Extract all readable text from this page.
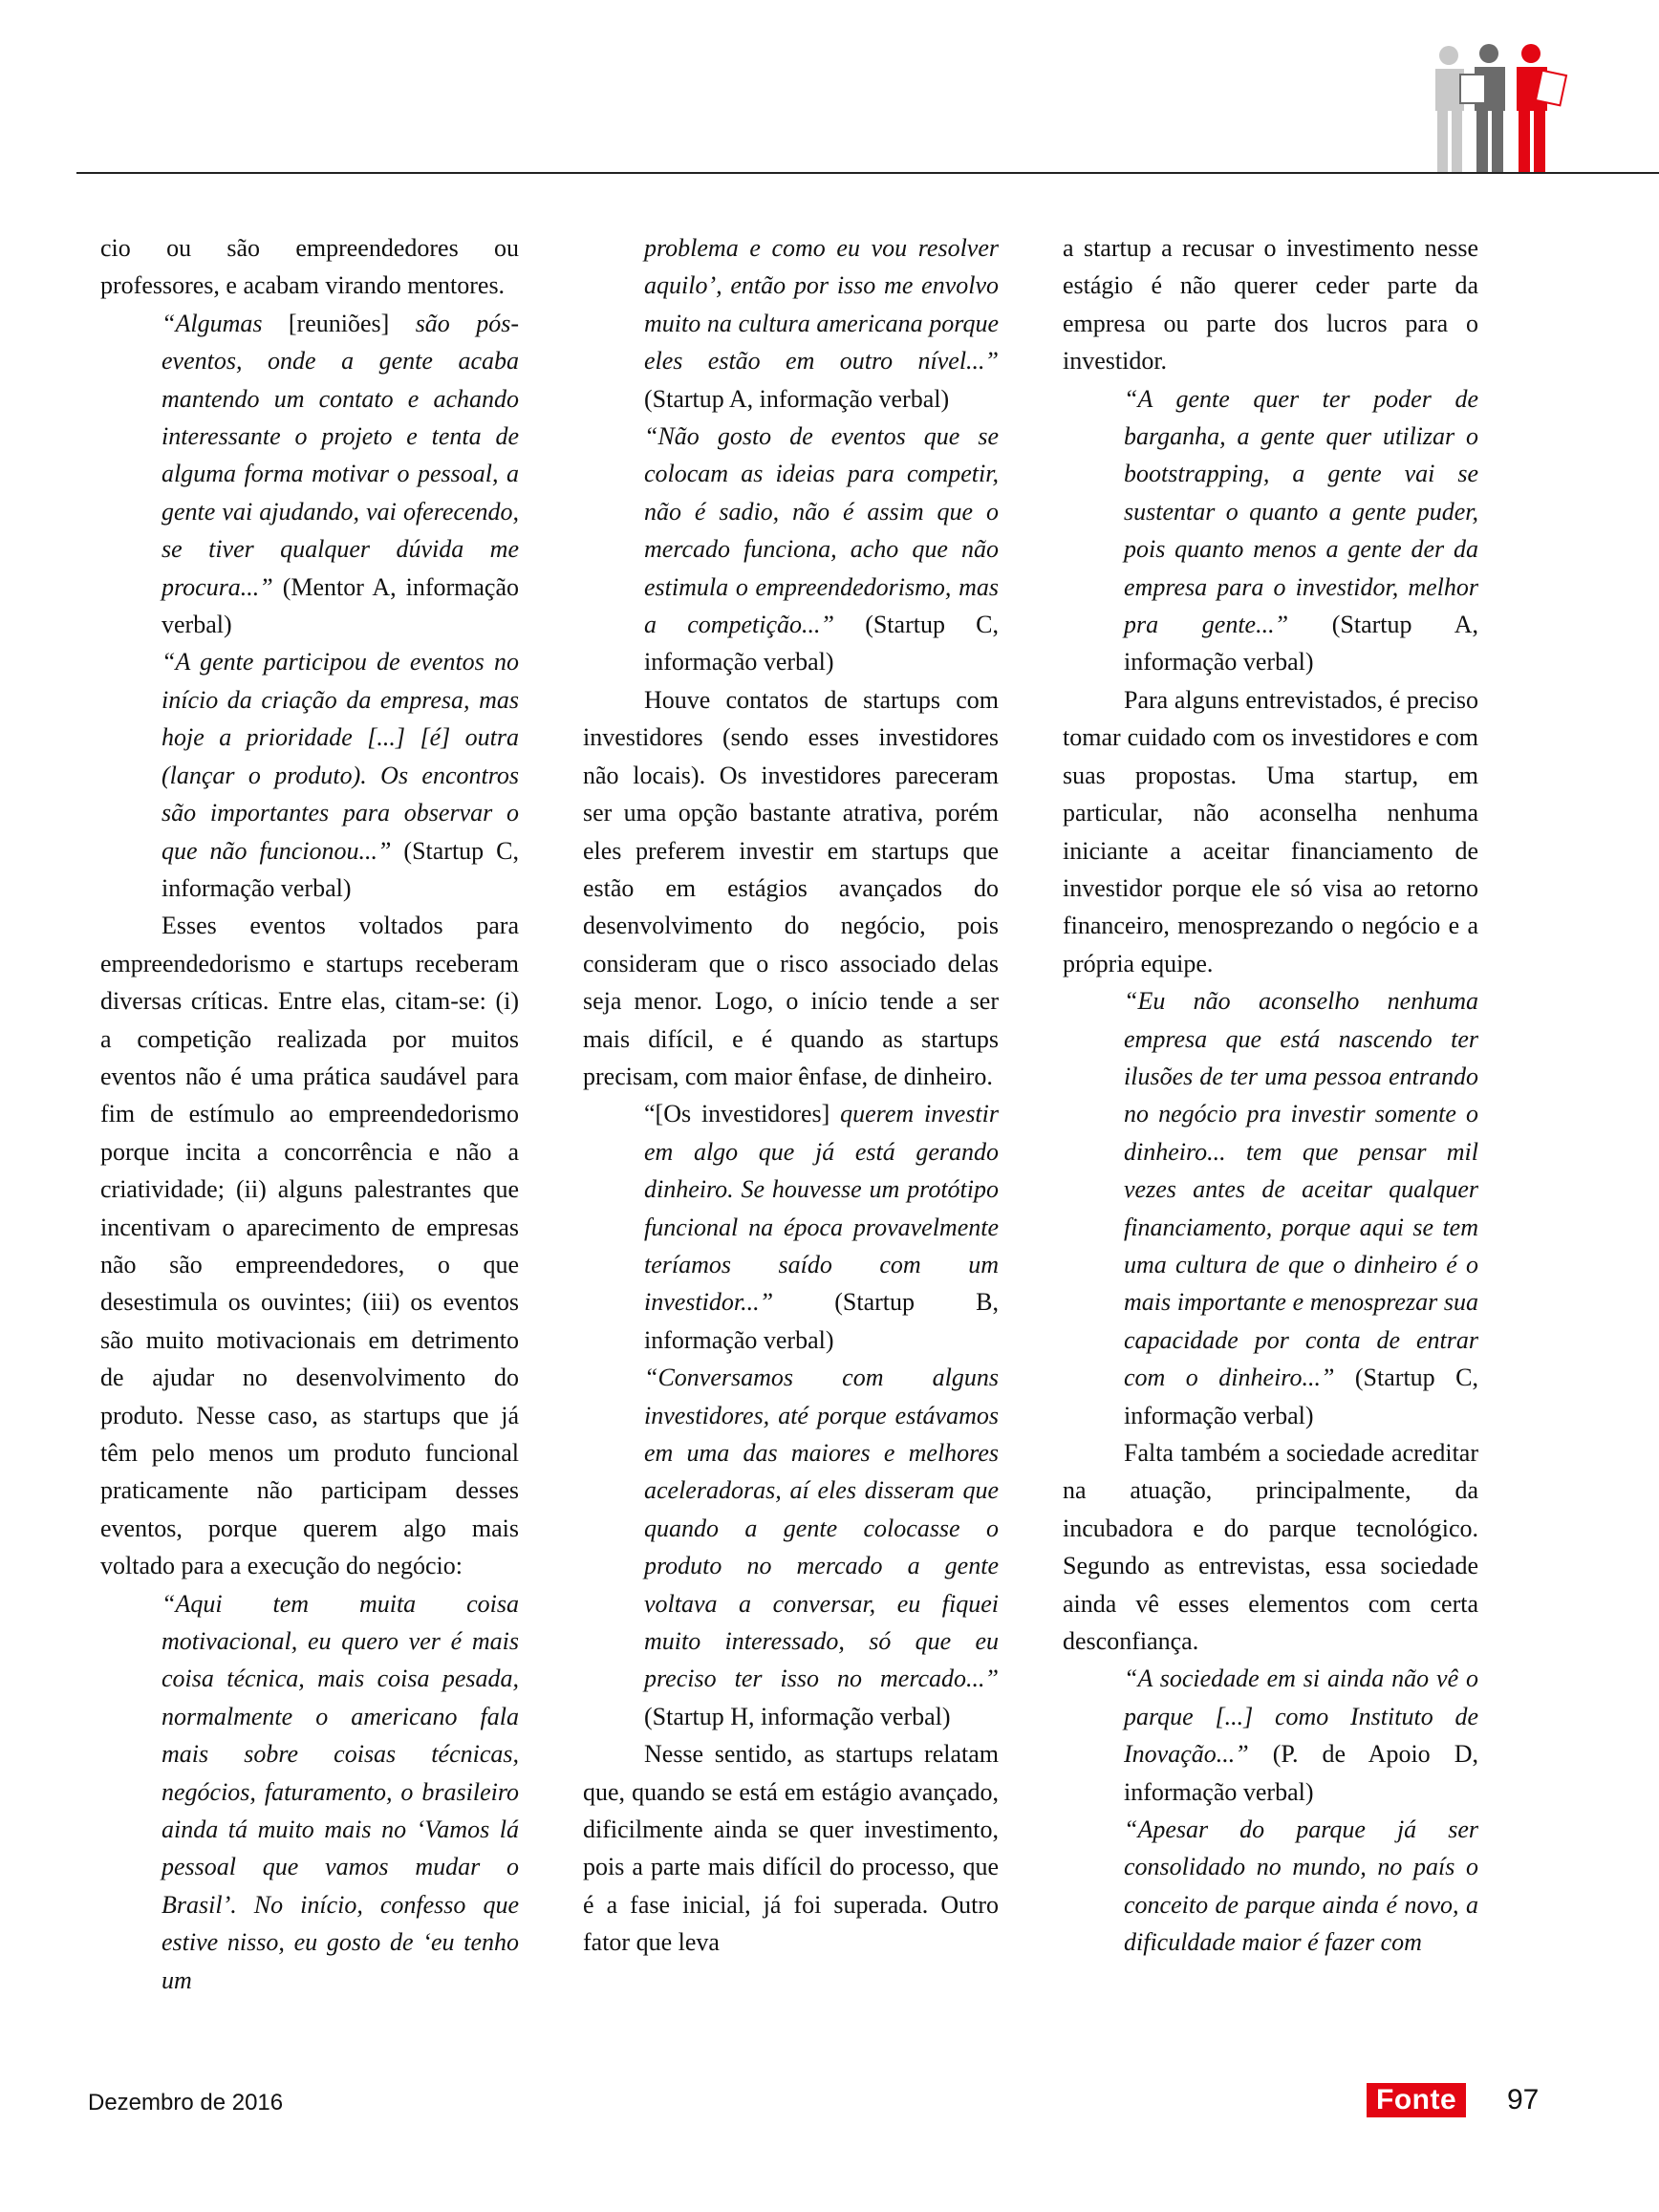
cio ou são empreendedores ou professores, e acabam virando mentores.

“Algumas [reuniões] são pós-eventos, onde a gente acaba mantendo um contato e achando interessante o projeto e tenta de alguma forma motivar o pessoal, a gente vai ajudando, vai oferecendo, se tiver qualquer dúvida me procura...” (Mentor A, informação verbal)

“A gente participou de eventos no início da criação da empresa, mas hoje a prioridade [...] [é] outra (lançar o produto). Os encontros são importantes para observar o que não funcionou...” (Startup C, informação verbal)

Esses eventos voltados para empreendedorismo e startups receberam diversas críticas. Entre elas, citam-se: (i) a competição realizada por muitos eventos não é uma prática saudável para fim de estímulo ao empreendedorismo porque incita a concorrência e não a criatividade; (ii) alguns palestrantes que incentivam o aparecimento de empresas não são empreendedores, o que desestimula os ouvintes; (iii) os eventos são muito motivacionais em detrimento de ajudar no desenvolvimento do produto. Nesse caso, as startups que já têm pelo menos um produto funcional praticamente não participam desses eventos, porque querem algo mais voltado para a execução do negócio:

“Aqui tem muita coisa motivacional, eu quero ver é mais coisa técnica, mais coisa pesada, normalmente o americano fala mais sobre coisas técnicas, negócios, faturamento, o brasileiro ainda tá muito mais no ‘Vamos lá pessoal que vamos mudar o Brasil’. No início, confesso que estive nisso, eu gosto de ‘eu tenho um

problema e como eu vou resolver aquilo’, então por isso me envolvo muito na cultura americana porque eles estão em outro nível...” (Startup A, informação verbal)

“Não gosto de eventos que se colocam as ideias para competir, não é sadio, não é assim que o mercado funciona, acho que não estimula o empreendedorismo, mas a competição...” (Startup C, informação verbal)

Houve contatos de startups com investidores (sendo esses investidores não locais). Os investidores pareceram ser uma opção bastante atrativa, porém eles preferem investir em startups que estão em estágios avançados do desenvolvimento do negócio, pois consideram que o risco associado delas seja menor. Logo, o início tende a ser mais difícil, e é quando as startups precisam, com maior ênfase, de dinheiro.

“[Os investidores] querem investir em algo que já está gerando dinheiro. Se houvesse um protótipo funcional na época provavelmente teríamos saído com um investidor...” (Startup B, informação verbal)

“Conversamos com alguns investidores, até porque estávamos em uma das maiores e melhores aceleradoras, aí eles disseram que quando a gente colocasse o produto no mercado a gente voltava a conversar, eu fiquei muito interessado, só que eu preciso ter isso no mercado...” (Startup H, informação verbal)

Nesse sentido, as startups relatam que, quando se está em estágio avançado, dificilmente ainda se quer investimento, pois a parte mais difícil do processo, que é a fase inicial, já foi superada. Outro fator que leva

a startup a recusar o investimento nesse estágio é não querer ceder parte da empresa ou parte dos lucros para o investidor.

“A gente quer ter poder de barganha, a gente quer utilizar o bootstrapping, a gente vai se sustentar o quanto a gente puder, pois quanto menos a gente der da empresa para o investidor, melhor pra gente...” (Startup A, informação verbal)

Para alguns entrevistados, é preciso tomar cuidado com os investidores e com suas propostas. Uma startup, em particular, não aconselha nenhuma iniciante a aceitar financiamento de investidor porque ele só visa ao retorno financeiro, menosprezando o negócio e a própria equipe.

“Eu não aconselho nenhuma empresa que está nascendo ter ilusões de ter uma pessoa entrando no negócio pra investir somente o dinheiro... tem que pensar mil vezes antes de aceitar qualquer financiamento, porque aqui se tem uma cultura de que o dinheiro é o mais importante e menosprezar sua capacidade por conta de entrar com o dinheiro...” (Startup C, informação verbal)

Falta também a sociedade acreditar na atuação, principalmente, da incubadora e do parque tecnológico. Segundo as entrevistas, essa sociedade ainda vê esses elementos com certa desconfiança.

“A sociedade em si ainda não vê o parque [...] como Instituto de Inovação...” (P. de Apoio D, informação verbal)

“Apesar do parque já ser consolidado no mundo, no país o conceito de parque ainda é novo, a dificuldade maior é fazer com

Dezembro de 2016	Fonte	97
